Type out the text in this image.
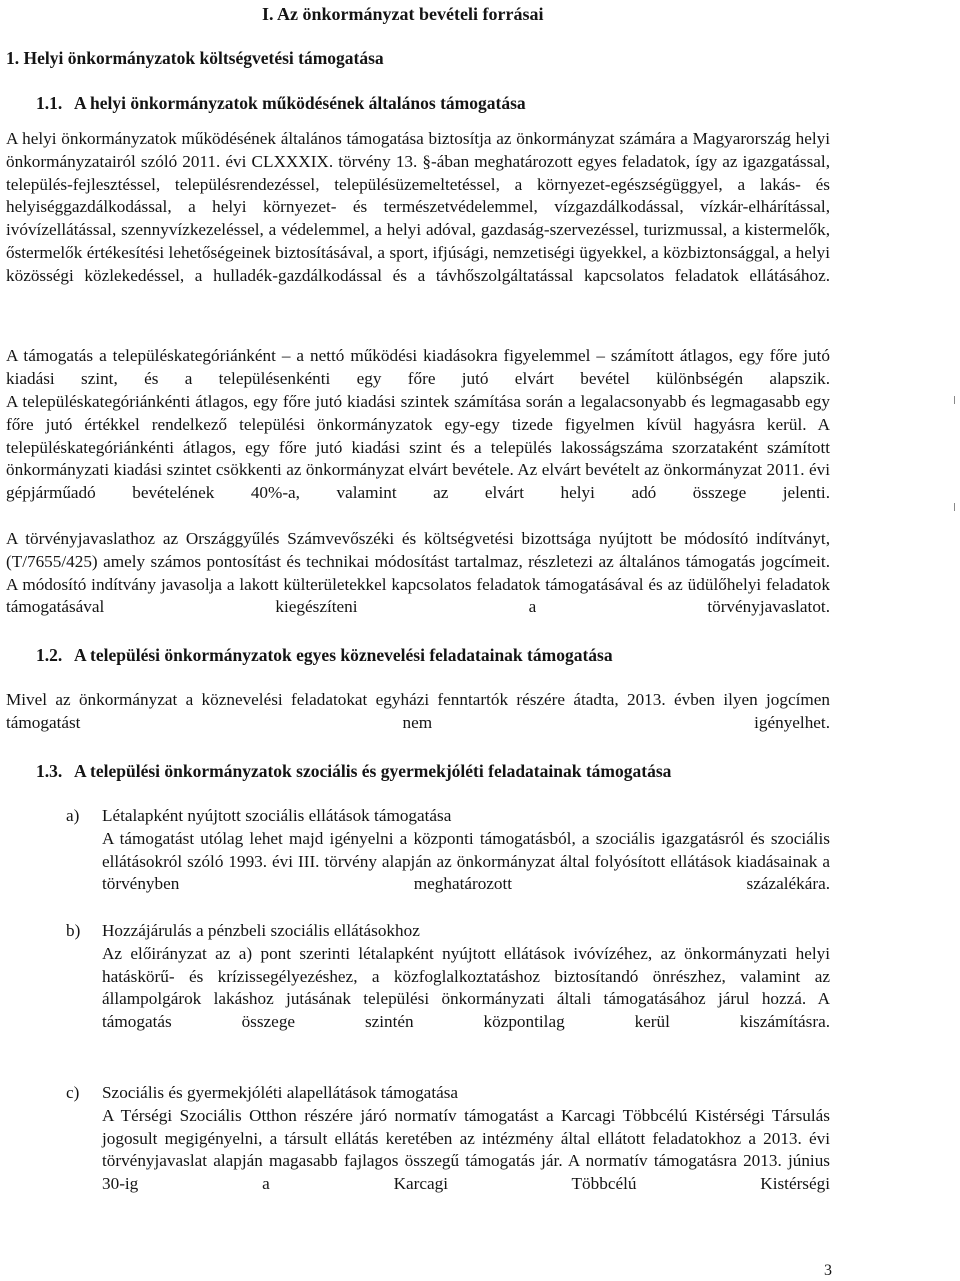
I. Az önkormányzat bevételi forrásai
1. Helyi önkormányzatok költségvetési támogatása
1.1. A helyi önkormányzatok működésének általános támogatása

A helyi önkormányzatok működésének általános támogatása biztosítja az önkormányzat számára a Magyarország helyi önkormányzatairól szóló 2011. évi CLXXXIX. törvény 13. §-ában meghatározott egyes feladatok, így az igazgatással, település-fejlesztéssel, településrendezéssel, településüzemeltetéssel, a környezet-egészségüggyel, a lakás- és helyiséggazdálkodással, a helyi környezet- és természetvédelemmel, vízgazdálkodással, vízkár-elhárítással, ivóvízellátással, szennyvízkezeléssel, a védelemmel, a helyi adóval, gazdaság-szervezéssel, turizmussal, a kistermelők, őstermelők értékesítési lehetőségeinek biztosításával, a sport, ifjúsági, nemzetiségi ügyekkel, a közbiztonsággal, a helyi közösségi közlekedéssel, a hulladék-gazdálkodással és a távhőszolgáltatással kapcsolatos feladatok ellátásához.

A támogatás a településkategóriánként – a nettó működési kiadásokra figyelemmel – számított átlagos, egy főre jutó kiadási szint, és a településenkénti egy főre jutó elvárt bevétel különbségén alapszik.

A településkategóriánkénti átlagos, egy főre jutó kiadási szintek számítása során a legalacsonyabb és legmagasabb egy főre jutó értékkel rendelkező települési önkormányzatok egy-egy tizede figyelmen kívül hagyásra kerül. A településkategóriánkénti átlagos, egy főre jutó kiadási szint és a település lakosságszáma szorzataként számított önkormányzati kiadási szintet csökkenti az önkormányzat elvárt bevétele. Az elvárt bevételt az önkormányzat 2011. évi gépjárműadó bevételének 40%-a, valamint az elvárt helyi adó összege jelenti.

A törvényjavaslathoz az Országgyűlés Számvevőszéki és költségvetési bizottsága nyújtott be módosító indítványt, (T/7655/425) amely számos pontosítást és technikai módosítást tartalmaz, részletezi az általános támogatás jogcímeit. A módosító indítvány javasolja a lakott külterületekkel kapcsolatos feladatok támogatásával és az üdülőhelyi feladatok támogatásával kiegészíteni a törvényjavaslatot.

1.2. A települési önkormányzatok egyes köznevelési feladatainak támogatása

Mivel az önkormányzat a köznevelési feladatokat egyházi fenntartók részére átadta, 2013. évben ilyen jogcímen támogatást nem igényelhet.

1.3. A települési önkormányzatok szociális és gyermekjóléti feladatainak támogatása
a) Létalapként nyújtott szociális ellátások támogatása

A támogatást utólag lehet majd igényelni a központi támogatásból, a szociális igazgatásról és szociális ellátásokról szóló 1993. évi III. törvény alapján az önkormányzat által folyósított ellátások kiadásainak a törvényben meghatározott százalékára.

b) Hozzájárulás a pénzbeli szociális ellátásokhoz

Az előirányzat az a) pont szerinti létalapként nyújtott ellátások ivóvízéhez, az önkormányzati helyi hatáskörű- és krízissegélyezéshez, a közfoglalkoztatáshoz biztosítandó önrészhez, valamint az állampolgárok lakáshoz jutásának települési önkormányzati általi támogatásához járul hozzá. A támogatás összege szintén központilag kerül kiszámításra.

c) Szociális és gyermekjóléti alapellátások támogatása

A Térségi Szociális Otthon részére járó normatív támogatást a Karcagi Többcélú Kistérségi Társulás jogosult megigényelni, a társult ellátás keretében az intézmény által ellátott feladatokhoz a 2013. évi törvényjavaslat alapján magasabb fajlagos összegű támogatás jár. A normatív támogatásra 2013. június 30-ig a Karcagi Többcélú Kistérségi

3
